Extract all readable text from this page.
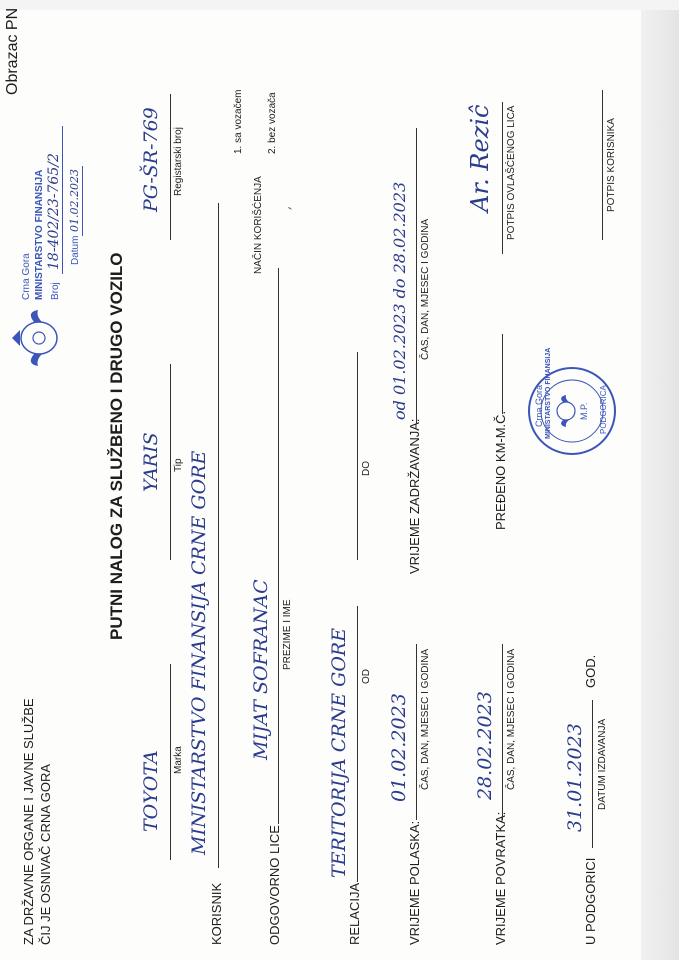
ZA DRŽAVNE ORGANE I JAVNE SLUŽBE ČIJ JE OSNIVAČ CRNA GORA
Crna Gora MINISTARSTVO FINANSIJA Broj
18-402/23-765/2 Datum
01.02.2023
Obrazac PN
PUTNI NALOG ZA SLUŽBENO I DRUGO VOZILO
TOYOTA Marka
YARIS Tip
PG-ŠR-769 Registarski broj
KORISNIK
MINISTARSTVO FINANSIJA CRNE GORE
NAČIN KORIŠĆENJA
1. sa vozačem 2. bez vozača
,
ODGOVORNO LICE
MIJAT SOFRANAC PREZIME I IME
RELACIJA
TERITORIJA CRNE GORE OD
DO
VRIJEME POLASKA:
01.02.2023 ČAS, DAN, MJESEC I GODINA
VRIJEME ZADRŽAVANJA:
od 01.02.2023 do 28.02.2023 ČAS, DAN, MJESEC I GODINA
VRIJEME POVRATKA:
28.02.2023 ČAS, DAN, MJESEC I GODINA
PREĐENO KM-M.Č.
Ar. Reziĉ POTPIS OVLAŠĆENOG LICA
Crna Gora MINISTARSTVO FINANSIJA	M.P. PODGORICA
U PODGORICI
31.01.2023
GOD.
DATUM IZDAVANJA
POTPIS KORISNIKA
